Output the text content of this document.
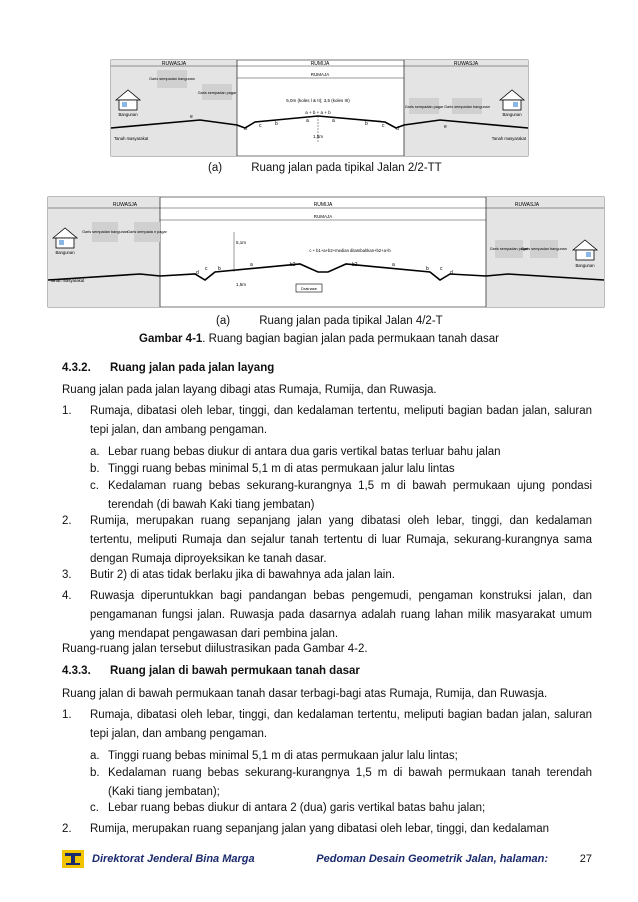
RUWASJA	RUMIJA	RUWASJA
RUMAJA
5,0m (koles l & II); 3,5 (koles III)
a + b + a + b
1,5m
Bangunan	Bangunan
Tanah masyarakat	Tanah masyarakat
Garis sempadan bangunan
Garis sempadan pagar
Garis sempadan pagar Garis sempadan bangunan
d c	b	a	a	b	c d
e
e
(a)	Ruang jalan pada tipikal Jalan 2/2-TT
RUWASJA	RUMIJA	RUWASJA
RUMAJA
5,1m
c + b1+a+b2+median ditambahkan+b2+a+b
1,5m
Drainase
Bangunan
Bangunan
Tanah masyarakat
Garis sempadan bangunan Garis sempada n pagar
Garis sempadan pagar
Garis sempadan bangunan
d
c b
a	b2	b2	a
b c
d
(a)	Ruang jalan pada tipikal Jalan 4/2-T
Gambar 4-1. Ruang bagian bagian jalan pada permukaan tanah dasar
4.3.2. Ruang jalan pada jalan layang
Ruang jalan pada jalan layang dibagi atas Rumaja, Rumija, dan Ruwasja.
1. Rumaja, dibatasi oleh lebar, tinggi, dan kedalaman tertentu, meliputi bagian badan jalan, saluran tepi jalan, dan ambang pengaman.
a. Lebar ruang bebas diukur di antara dua garis vertikal batas terluar bahu jalan
b. Tinggi ruang bebas minimal 5,1 m di atas permukaan jalur lalu lintas
c. Kedalaman ruang bebas sekurang-kurangnya 1,5 m di bawah permukaan ujung pondasi terendah (di bawah Kaki tiang jembatan)
2. Rumija, merupakan ruang sepanjang jalan yang dibatasi oleh lebar, tinggi, dan kedalaman tertentu, meliputi Rumaja dan sejalur tanah tertentu di luar Rumaja, sekurang-kurangnya sama dengan Rumaja diproyeksikan ke tanah dasar.
3. Butir 2) di atas tidak berlaku jika di bawahnya ada jalan lain.
4. Ruwasja diperuntukkan bagi pandangan bebas pengemudi, pengaman konstruksi jalan, dan pengamanan fungsi jalan. Ruwasja pada dasarnya adalah ruang lahan milik masyarakat umum yang mendapat pengawasan dari pembina jalan.
Ruang-ruang jalan tersebut diilustrasikan pada Gambar 4-2.
4.3.3. Ruang jalan di bawah permukaan tanah dasar
Ruang jalan di bawah permukaan tanah dasar terbagi-bagi atas Rumaja, Rumija, dan Ruwasja.
1. Rumaja, dibatasi oleh lebar, tinggi, dan kedalaman tertentu, meliputi bagian badan jalan, saluran tepi jalan, dan ambang pengaman.
a. Tinggi ruang bebas minimal 5,1 m di atas permukaan jalur lalu lintas;
b. Kedalaman ruang bebas sekurang-kurangnya 1,5 m di bawah permukaan tanah terendah (Kaki tiang jembatan);
c. Lebar ruang bebas diukur di antara 2 (dua) garis vertikal batas bahu jalan;
2. Rumija, merupakan ruang sepanjang jalan yang dibatasi oleh lebar, tinggi, dan kedalaman
Direktorat Jenderal Bina Marga	Pedoman Desain Geometrik Jalan, halaman:	27
